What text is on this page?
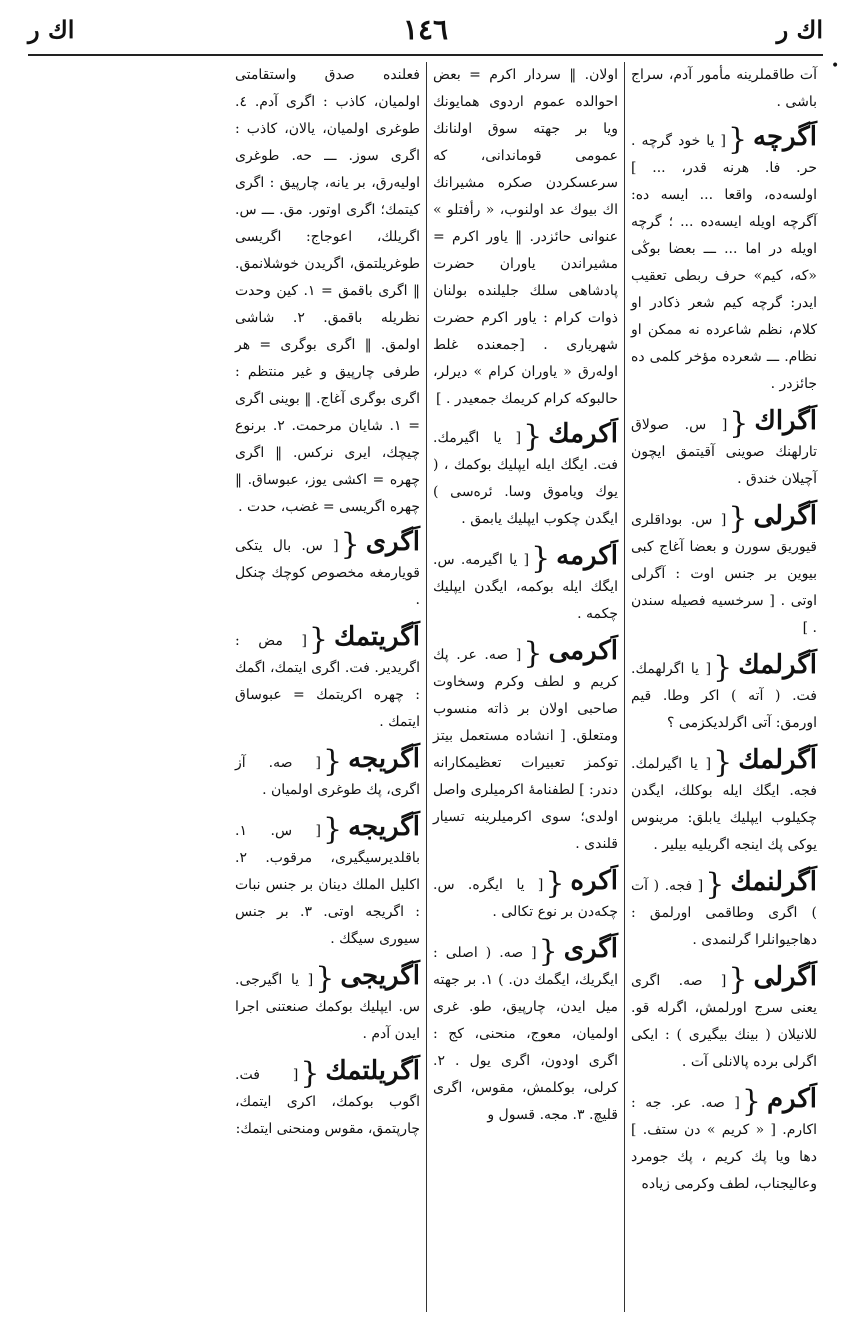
اك ر	١٤٦	اك ر
•

آت طاقملرينه مأمور آدم، سراج باشى .

اَگرچه{[ يا خود گرچه . حر. فا. هرنه قدر، ... ] اولسه‌ده، واقعا ... ايسه ده: آگرچه اويله ايسه‌ده ... ؛ گرچه اويله در اما ... ـــ بعضا بوڭى «كه، كيم» حرف ربطى تعقيب ايدر: گرچه كيم شعر ذكادر او كلام، نظم شاعرده نه ممكن او نظام. ـــ شعرده مؤخر كلمى ده جائزدر .

اَگراك{[ س. صولاق تارلهنك صوينى آقيتمق ايچون آچيلان خندق .

اَگرلى{[ س. بوداقلرى قيوريق سورن و بعضا آغاج كبى بيوين بر جنس اوت : آگرلى اوتى . [ سرخسيه فصيله سندن . ]

اَگرلمك{[ يا اگرلهمك. فت. ( آته ) اكر وطا. قيم اورمق: آتى اگرلديكزمى ؟

اَگرلمك{[ يا اگيرلمك. فجه. ايگك ايله بوكلك، ايگدن چكيلوب ايپليك يابلق: مرينوس يوكى پك اينجه اگريليه بيلير .

اَگرلنمك{[ فجه. ( آت ) اگرى وطاقمى اورلمق : دهاجيوانلرا گرلنمدى .

اَگرلى{[ صه. اگرى يعنى سرج اورلمش، اگرله قو. للانيلان ( بينك بيگيرى ) : ايكى اگرلى برده پالانلى آت .

اَكرم{[ صه. عر. جه : اكارم. [ « كريم » دن ستف. ] دها ويا پك كريم ، پك جومرد وعاليجناب، لطف وكرمى زياده

اولان. ‖ سردار اكرم = بعض احوالده عموم اردوى همايونك ويا بر جهته سوق اولنانك عمومى قوماندانى، كه سرعسكردن صكره مشيرانك اك بيوك عد اولنوب، « رأفتلو » عنوانى حائزدر. ‖ ياور اكرم = مشيراندن ياوران حضرت پادشاهى سلك جليلنده بولنان ذوات كرام : ياور اكرم حضرت شهريارى . [جمعنده غلط اولەرق « ياوران كرام » ديرلر، حالبوكه كرام كريمك جمعيدر . ]

اَكرمك{[ يا اگيرمك. فت. ايگك ايله ايپليك بوكمك ، ( يوك وياموق وسا. ئرەسى ) ايگدن چكوب ايپليك يابمق .

اَكرمه{[ يا اگيرمه. س. ايگك ايله بوكمه، ايگدن ايپليك چكمه .

اَكرمى{[ صه. عر. پك كريم و لطف وكرم وسخاوت صاحبى اولان بر ذاته منسوب ومتعلق. [ انشاده مستعمل بيتز توكمز تعبيرات تعظيمكارانه دندر: ] لطفنامۀ اكرميلرى واصل اولدى؛ سوى اكرميلرينه تسيار قلندى .

اَكره{[ يا ايگره. س. چكه‌دن بر نوع تكالى .

اَگرى{[ صه. ( اصلى : ايگريك، ايگمك دن. ) ١. بر جهته ميل ايدن، چارپيق، طو. غرى اولميان، معوج، منحنى، كج : اگرى اودون، اگرى يول . ٢. كرلى، بوكلمش، مقوس، اگرى قليچ. ٣. مجه. قسول و

فعلنده صدق واستقامتى اولميان، كاذب : اگرى آدم. ٤. طوغرى اولميان، يالان، كاذب : اگرى سوز. ـــ حه. طوغرى اوليه‌رق، بر يانه، چارپيق : اگرى كيتمك؛ اگرى اوتور. مق. ـــ س. اگريلك، اعوجاج: اگريسى طوغريلتمق، اگريدن خوشلانمق. ‖ اگرى باقمق = ١. كين وحدت نظريله باقمق. ٢. شاشى اولمق. ‖ اگرى بوگرى = هر طرفى چارپيق و غير منتظم : اگرى بوگرى آغاج. ‖ بوينى اگرى = ١. شايان مرحمت. ٢. برنوع چيچك، ايرى نركس. ‖ اگرى چهره = اكشى يوز، عبوساق. ‖ چهره اگريسى = غضب، حدت .

اَگرى{[ س. بال يتكى قويارمغه مخصوص كوچك چنكل .

اَگريتمك{[ مض : اگريدير. فت. اگرى ايتمك، اگمك : چهره اكريتمك = عبوساق ايتمك .

اَگريجه{[ صه. آز اگرى، پك طوغرى اولميان .

اَگريجه{[ س. ١. باقلديرسيگيرى، مرقوب. ٢. اكليل الملك دينان بر جنس نبات : اگريجه اوتى. ٣. بر جنس سيورى سيگك .

اَگريجى{[ يا اگيرجى. س. ايپليك بوكمك صنعتنى اجرا ايدن آدم .

اَگريلتمك{[ فت. اگوب بوكمك، اكرى ايتمك، چارپتمق، مقوس ومنحنى ايتمك:
